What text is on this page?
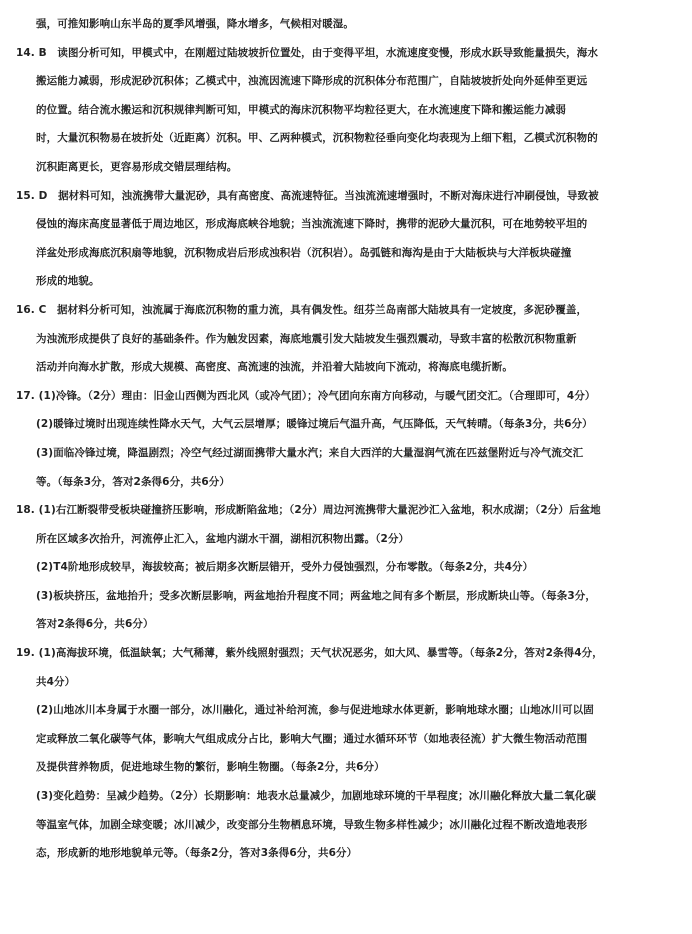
强，可推知影响山东半岛的夏季风增强，降水增多，气候相对暖湿。
14. B　读图分析可知，甲模式中，在刚超过陆坡坡折位置处，由于变得平坦，水流速度变慢，形成水跃导致能量损失，海水
搬运能力减弱，形成泥砂沉积体；乙模式中，浊流因流速下降形成的沉积体分布范围广，自陆坡坡折处向外延伸至更远
的位置。结合流水搬运和沉积规律判断可知，甲模式的海床沉积物平均粒径更大，在水流速度下降和搬运能力减弱
时，大量沉积物易在坡折处（近距离）沉积。甲、乙两种模式，沉积物粒径垂向变化均表现为上细下粗，乙模式沉积物的
沉积距离更长，更容易形成交错层理结构。
15. D　据材料可知，浊流携带大量泥砂，具有高密度、高流速特征。当浊流流速增强时，不断对海床进行冲刷侵蚀，导致被
侵蚀的海床高度显著低于周边地区，形成海底峡谷地貌；当浊流流速下降时，携带的泥砂大量沉积，可在地势较平坦的
洋盆处形成海底沉积扇等地貌，沉积物成岩后形成浊积岩（沉积岩）。岛弧链和海沟是由于大陆板块与大洋板块碰撞
形成的地貌。
16. C　据材料分析可知，浊流属于海底沉积物的重力流，具有偶发性。纽芬兰岛南部大陆坡具有一定坡度，多泥砂覆盖，
为浊流形成提供了良好的基础条件。作为触发因素，海底地震引发大陆坡发生强烈震动，导致丰富的松散沉积物重新
活动并向海水扩散，形成大规模、高密度、高流速的浊流，并沿着大陆坡向下流动，将海底电缆折断。
17. (1)冷锋。（2分）理由：旧金山西侧为西北风（或冷气团）；冷气团向东南方向移动，与暖气团交汇。（合理即可，4分）
(2)暖锋过境时出现连续性降水天气，大气云层增厚；暖锋过境后气温升高，气压降低，天气转晴。（每条3分，共6分）
(3)面临冷锋过境，降温剧烈；冷空气经过湖面携带大量水汽；来自大西洋的大量湿润气流在匹兹堡附近与冷气流交汇
等。（每条3分，答对2条得6分，共6分）
18. (1)右江断裂带受板块碰撞挤压影响，形成断陷盆地；（2分）周边河流携带大量泥沙汇入盆地，积水成湖；（2分）后盆地
所在区域多次抬升，河流停止汇入，盆地内湖水干涸，湖相沉积物出露。（2分）
(2)T4阶地形成较早，海拔较高；被后期多次断层错开，受外力侵蚀强烈，分布零散。（每条2分，共4分）
(3)板块挤压，盆地抬升；受多次断层影响，两盆地抬升程度不同；两盆地之间有多个断层，形成断块山等。（每条3分，
答对2条得6分，共6分）
19. (1)高海拔环境，低温缺氧；大气稀薄，紫外线照射强烈；天气状况恶劣，如大风、暴雪等。（每条2分，答对2条得4分，
共4分）
(2)山地冰川本身属于水圈一部分，冰川融化，通过补给河流，参与促进地球水体更新，影响地球水圈；山地冰川可以固
定或释放二氧化碳等气体，影响大气组成成分占比，影响大气圈；通过水循环环节（如地表径流）扩大微生物活动范围
及提供营养物质，促进地球生物的繁衍，影响生物圈。（每条2分，共6分）
(3)变化趋势：呈减少趋势。（2分）长期影响：地表水总量减少，加剧地球环境的干旱程度；冰川融化释放大量二氧化碳
等温室气体，加剧全球变暖；冰川减少，改变部分生物栖息环境，导致生物多样性减少；冰川融化过程不断改造地表形
态，形成新的地形地貌单元等。（每条2分，答对3条得6分，共6分）
